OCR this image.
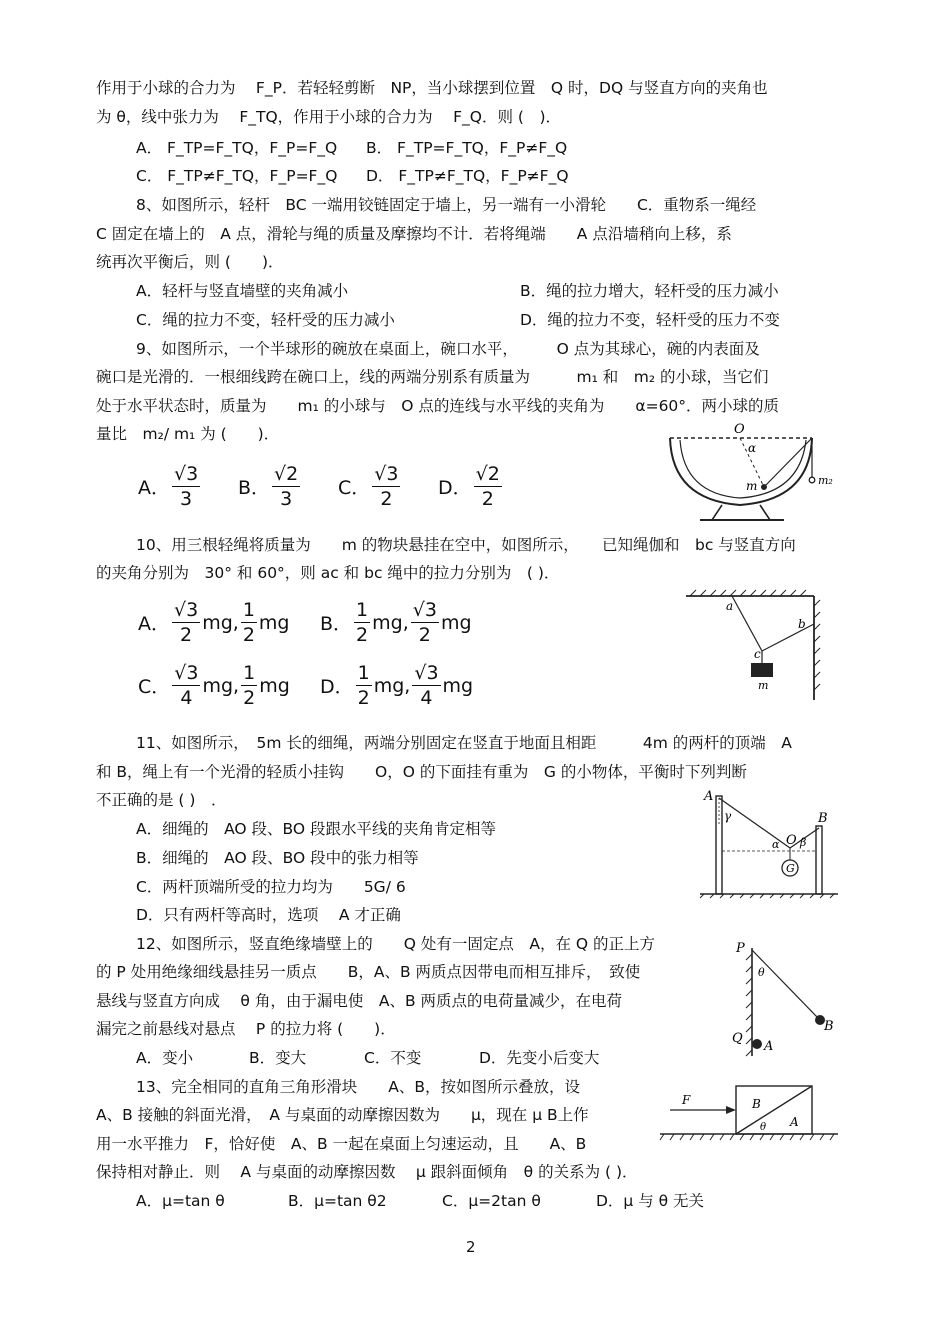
作用于小球的合力为　 F_P．若轻轻剪断　NP，当小球摆到位置　Q 时，DQ 与竖直方向的夹角也
为 θ，线中张力为　 F_TQ，作用于小球的合力为　 F_Q．则 (　)．
A． F_TP=F_TQ，F_P=F_Q B． F_TP=F_TQ，F_P≠F_Q
C． F_TP≠F_TQ，F_P=F_Q D． F_TP≠F_TQ，F_P≠F_Q
8、如图所示，轻杆　BC 一端用铰链固定于墙上，另一端有一小滑轮　　C．重物系一绳经
C 固定在墙上的　A 点，滑轮与绳的质量及摩擦均不计．若将绳端　　A 点沿墙稍向上移，系
统再次平衡后，则 (　　)．
A．轻杆与竖直墙壁的夹角减小	B．绳的拉力增大，轻杆受的压力减小
C．绳的拉力不变，轻杆受的压力减小	D．绳的拉力不变，轻杆受的压力不变
9、如图所示，一个半球形的碗放在桌面上，碗口水平，　　　O 点为其球心，碗的内表面及
碗口是光滑的．一根细线跨在碗口上，线的两端分别系有质量为　　　m₁ 和　m₂ 的小球，当它们
处于水平状态时，质量为　　m₁ 的小球与　O 点的连线与水平线的夹角为　　α=60°．两小球的质
量比　m₂/ m₁ 为 (　　)．
A． $\frac{√3}{3}$ B． $\frac{√2}{3}$ C． $\frac{√3}{2}$ D． $\frac{√2}{2}$
O
α
m	m₂
10、用三根轻绳将质量为　　m 的物块悬挂在空中，如图所示，　　已知绳伽和　bc 与竖直方向
的夹角分别为　30° 和 60°，则 ac 和 bc 绳中的拉力分别为　( )．
A． $\frac{√3}{2}$ mg, $\frac{1}{2}$ mg B． $\frac{1}{2}$ mg, $\frac{√3}{2}$ mg
C． $\frac{√3}{4}$ mg, $\frac{1}{2}$ mg D． $\frac{1}{2}$ mg, $\frac{√3}{4}$ mg
a
b
c
m
11、如图所示，　5m 长的细绳，两端分别固定在竖直于地面且相距　　　4m 的两杆的顶端　A
和 B，绳上有一个光滑的轻质小挂钩　　O，O 的下面挂有重为　G 的小物体，平衡时下列判断
不正确的是 ( )　．
A．细绳的　AO 段、BO 段跟水平线的夹角肯定相等
B．细绳的　AO 段、BO 段中的张力相等
C．两杆顶端所受的拉力均为　　5G/ 6
D．只有两杆等高时，选项　 A 才正确
G
A
B
O
γ
α β
12、如图所示，竖直绝缘墙壁上的　　Q 处有一固定点　A，在 Q 的正上方
的 P 处用绝缘细线悬挂另一质点　　B，A、B 两质点因带电而相互排斥，　致使
悬线与竖直方向成　 θ 角，由于漏电使　A、B 两质点的电荷量减少，在电荷
漏完之前悬线对悬点　 P 的拉力将 (　　)．
A．变小	B．变大	C．不变	D．先变小后变大
P
θ
B
Q
A
13、完全相同的直角三角形滑块　　A、B，按如图所示叠放，设
A、B 接触的斜面光滑，　A 与桌面的动摩擦因数为　　μ，现在 μ B上作
用一水平推力　F，恰好使　A、B 一起在桌面上匀速运动，且　　A、B
保持相对静止．则　 A 与桌面的动摩擦因数　 μ 跟斜面倾角　θ 的关系为 ( )．
A．μ=tan θ	B．μ=tan θ2	C．μ=2tan θ	D．μ 与 θ 无关
F	B
A
θ
2
